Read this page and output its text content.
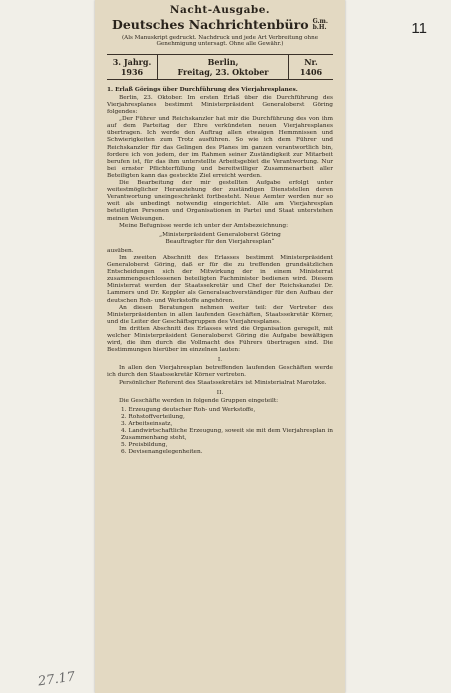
11
27.17
Nacht-Ausgabe.
Deutsches Nachrichtenbüro G.m.
b.H.
(Als Manuskript gedruckt. Nachdruck und jede Art Verbreitung ohne Genehmigung untersagt. Ohne alle Gewähr.)
3. Jahrg.
1936
Berlin,
Freitag, 23. Oktober
Nr.
1406

1. Erlaß Görings über Durchführung des Vierjahresplanes.

Berlin, 23. Oktober. Im ersten Erlaß über die Durchführung des Vierjahresplanes bestimmt Ministerpräsident Generaloberst Göring folgendes:

„Der Führer und Reichskanzler hat mir die Durchführung des von ihm auf dem Parteitag der Ehre verkündeten neuen Vierjahresplanes übertragen. Ich werde den Auftrag allen etwaigen Hemmnissen und Schwierigkeiten zum Trotz ausführen. So wie ich dem Führer und Reichskanzler für das Gelingen des Planes im ganzen verantwortlich bin, fordere ich von jedem, der im Rahmen seiner Zuständigkeit zur Mitarbeit berufen ist, für das ihm unterstellte Arbeitsgebiet die Verantwortung. Nur bei ernster Pflichterfüllung und bereitwilliger Zusammenarbeit aller Beteiligten kann das gesteckte Ziel erreicht werden.

Die Bearbeitung der mir gestellten Aufgabe erfolgt unter weitestmöglicher Heranziehung der zuständigen Dienststellen deren Verantwortung uneingeschränkt fortbesteht. Neue Aemter werden nur so weit als unbedingt notwendig eingerichtet. Alle am Vierjahresplan beteiligten Personen und Organisationen in Partei und Staat unterstehen meinen Weisungen.

Meine Befugnisse werde ich unter der Amtsbezeichnung:

„Ministerpräsident Generaloberst Göring
Beauftragter für den Vierjahresplan“

ausüben.

Im zweiten Abschnitt des Erlasses bestimmt Ministerpräsident Generaloberst Göring, daß er für die zu treffenden grundsätzlichen Entscheidungen sich der Mitwirkung der in einem Ministerrat zusammengeschlossenen beteiligten Fachminister bedienen wird. Diesem Ministerrat werden der Staatssekretär und Chef der Reichskanzlei Dr. Lammers und Dr. Keppler als Generalsachverständiger für den Aufbau der deutschen Roh- und Werkstoffe angehören.

An diesen Beratungen nehmen weiter teil: der Vertreter des Ministerpräsidenten in allen laufenden Geschäften, Staatssekretär Körner, und die Leiter der Geschäftsgruppen des Vierjahresplanes.

Im dritten Abschnitt des Erlasses wird die Organisation geregelt, mit welcher Ministerpräsident Generaloberst Göring die Aufgabe bewältigen wird, die ihm durch die Vollmacht des Führers übertragen sind. Die Bestimmungen hierüber im einzelnen lauten:

I.

In allen den Vierjahresplan betreffenden laufenden Geschäften werde ich durch den Staatssekretär Körner vertreten.

Persönlicher Referent des Staatssekretärs ist Ministerialrat Marotzke.

II.

Die Geschäfte werden in folgende Gruppen eingeteilt:

1. Erzeugung deutscher Roh- und Werkstoffe,
2. Rohstoffverteilung,
3. Arbeitseinsatz,
4. Landwirtschaftliche Erzeugung, soweit sie mit dem Vierjahresplan in Zusammenhang steht,
5. Preisbildung,
6. Devisenangelegenheiten.
